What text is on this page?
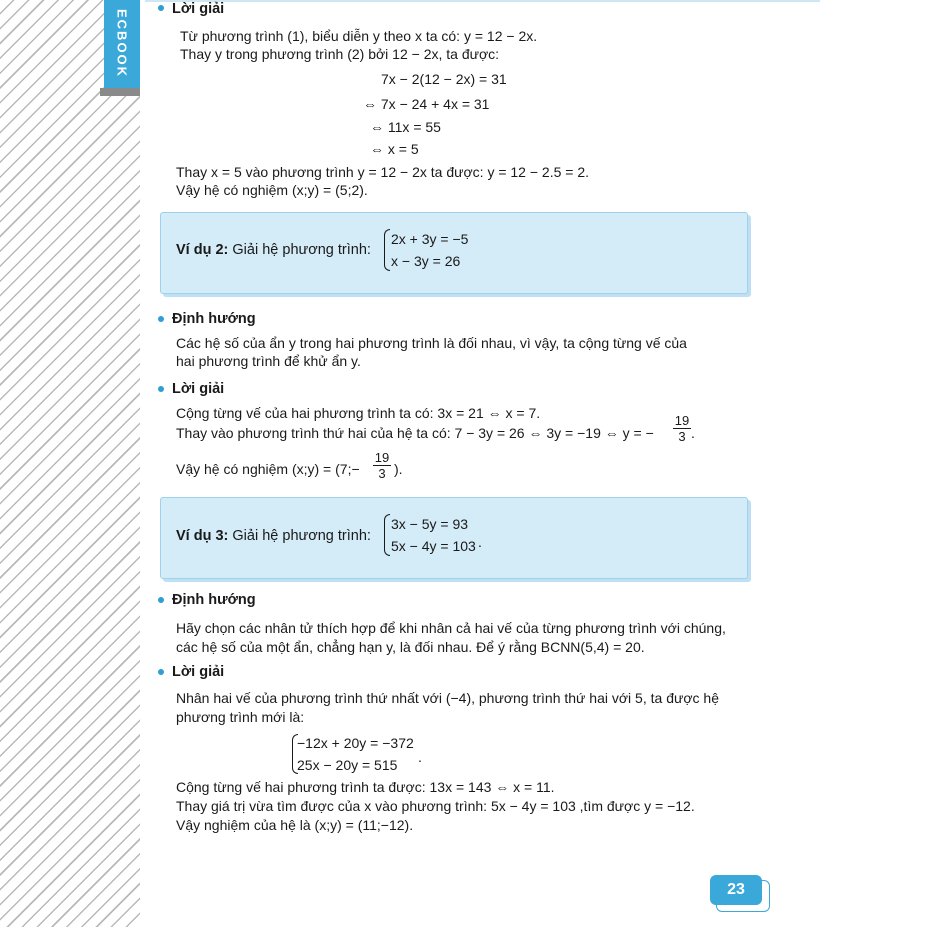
ECBOOK
Lời giải
Từ phương trình (1), biểu diễn y theo x ta có: y = 12 − 2x.
Thay y trong phương trình (2) bởi 12 − 2x, ta được:
7x − 2(12 − 2x) = 31
⇔ 7x − 24 + 4x = 31
⇔ 11x = 55
⇔ x = 5
Thay x = 5 vào phương trình y = 12 − 2x ta được: y = 12 − 2.5 = 2.
Vậy hệ có nghiệm (x;y) = (5;2).
Ví dụ 2: Giải hệ phương trình:
2x + 3y = −5
x − 3y = 26
Định hướng
Các hệ số của ẩn y trong hai phương trình là đối nhau, vì vậy, ta cộng từng vế của
hai phương trình để khử ẩn y.
Lời giải
Cộng từng vế của hai phương trình ta có: 3x = 21 ⇔ x = 7.
Thay vào phương trình thứ hai của hệ ta có: 7 − 3y = 26 ⇔ 3y = −19 ⇔ y = −
19
3 .
Vậy hệ có nghiệm (x;y) = (7;−
19
3 ).
Ví dụ 3: Giải hệ phương trình:
3x − 5y = 93
5x − 4y = 103 .
Định hướng
Hãy chọn các nhân tử thích hợp để khi nhân cả hai vế của từng phương trình với chúng,
các hệ số của một ẩn, chẳng hạn y, là đối nhau. Để ý rằng BCNN(5,4) = 20.
Lời giải
Nhân hai vế của phương trình thứ nhất với (−4), phương trình thứ hai với 5, ta được hệ
phương trình mới là:
−12x + 20y = −372
25x − 20y = 515 .
Cộng từng vế hai phương trình ta được: 13x = 143 ⇔ x = 11.
Thay giá trị vừa tìm được của x vào phương trình: 5x − 4y = 103 ,tìm được y = −12.
Vậy nghiệm của hệ là (x;y) = (11;−12).
23
